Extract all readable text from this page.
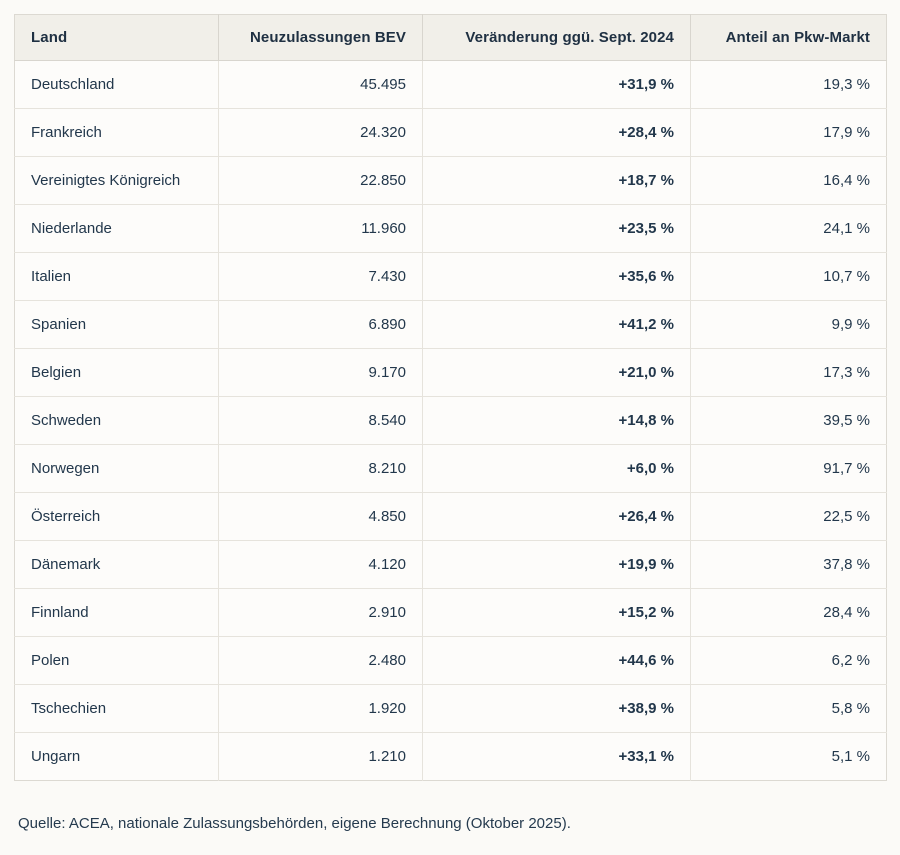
Land	Neuzulassungen BEV	Veränderung ggü. Sept. 2024	Anteil an Pkw-Markt
Deutschland	45.495	+31,9 %	19,3 %
Frankreich	24.320	+28,4 %	17,9 %
Vereinigtes Königreich	22.850	+18,7 %	16,4 %
Niederlande	11.960	+23,5 %	24,1 %
Italien	7.430	+35,6 %	10,7 %
Spanien	6.890	+41,2 %	9,9 %
Belgien	9.170	+21,0 %	17,3 %
Schweden	8.540	+14,8 %	39,5 %
Norwegen	8.210	+6,0 %	91,7 %
Österreich	4.850	+26,4 %	22,5 %
Dänemark	4.120	+19,9 %	37,8 %
Finnland	2.910	+15,2 %	28,4 %
Polen	2.480	+44,6 %	6,2 %
Tschechien	1.920	+38,9 %	5,8 %
Ungarn	1.210	+33,1 %	5,1 %
Quelle: ACEA, nationale Zulassungsbehörden, eigene Berechnung (Oktober 2025).
